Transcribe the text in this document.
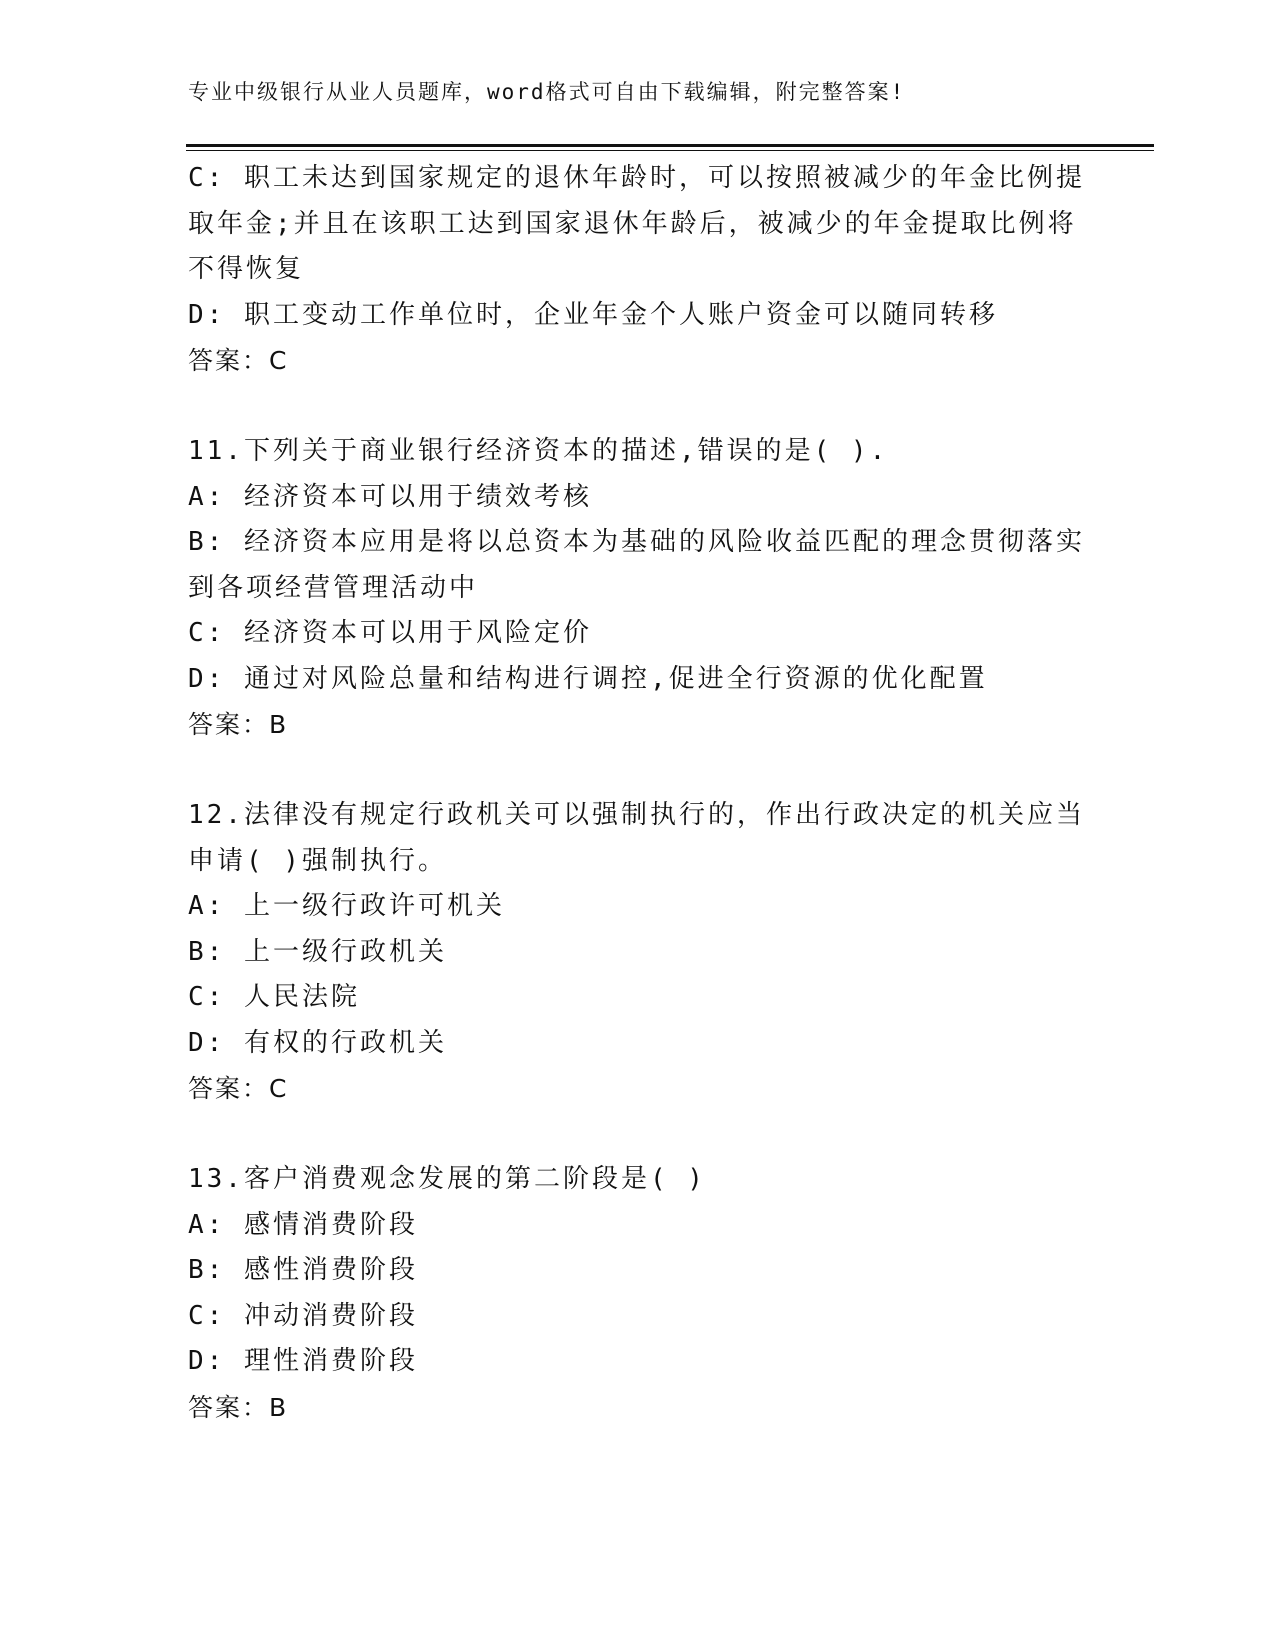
专业中级银行从业人员题库，word格式可自由下载编辑，附完整答案!
C: 职工未达到国家规定的退休年龄时，可以按照被减少的年金比例提
取年金;并且在该职工达到国家退休年龄后，被减少的年金提取比例将
不得恢复
D: 职工变动工作单位时，企业年金个人账户资金可以随同转移
答案：C
11.下列关于商业银行经济资本的描述,错误的是( ).
A: 经济资本可以用于绩效考核
B: 经济资本应用是将以总资本为基础的风险收益匹配的理念贯彻落实
到各项经营管理活动中
C: 经济资本可以用于风险定价
D: 通过对风险总量和结构进行调控,促进全行资源的优化配置
答案：B
12.法律没有规定行政机关可以强制执行的，作出行政决定的机关应当
申请( )强制执行。
A: 上一级行政许可机关
B: 上一级行政机关
C: 人民法院
D: 有权的行政机关
答案：C
13.客户消费观念发展的第二阶段是( )
A: 感情消费阶段
B: 感性消费阶段
C: 冲动消费阶段
D: 理性消费阶段
答案：B
